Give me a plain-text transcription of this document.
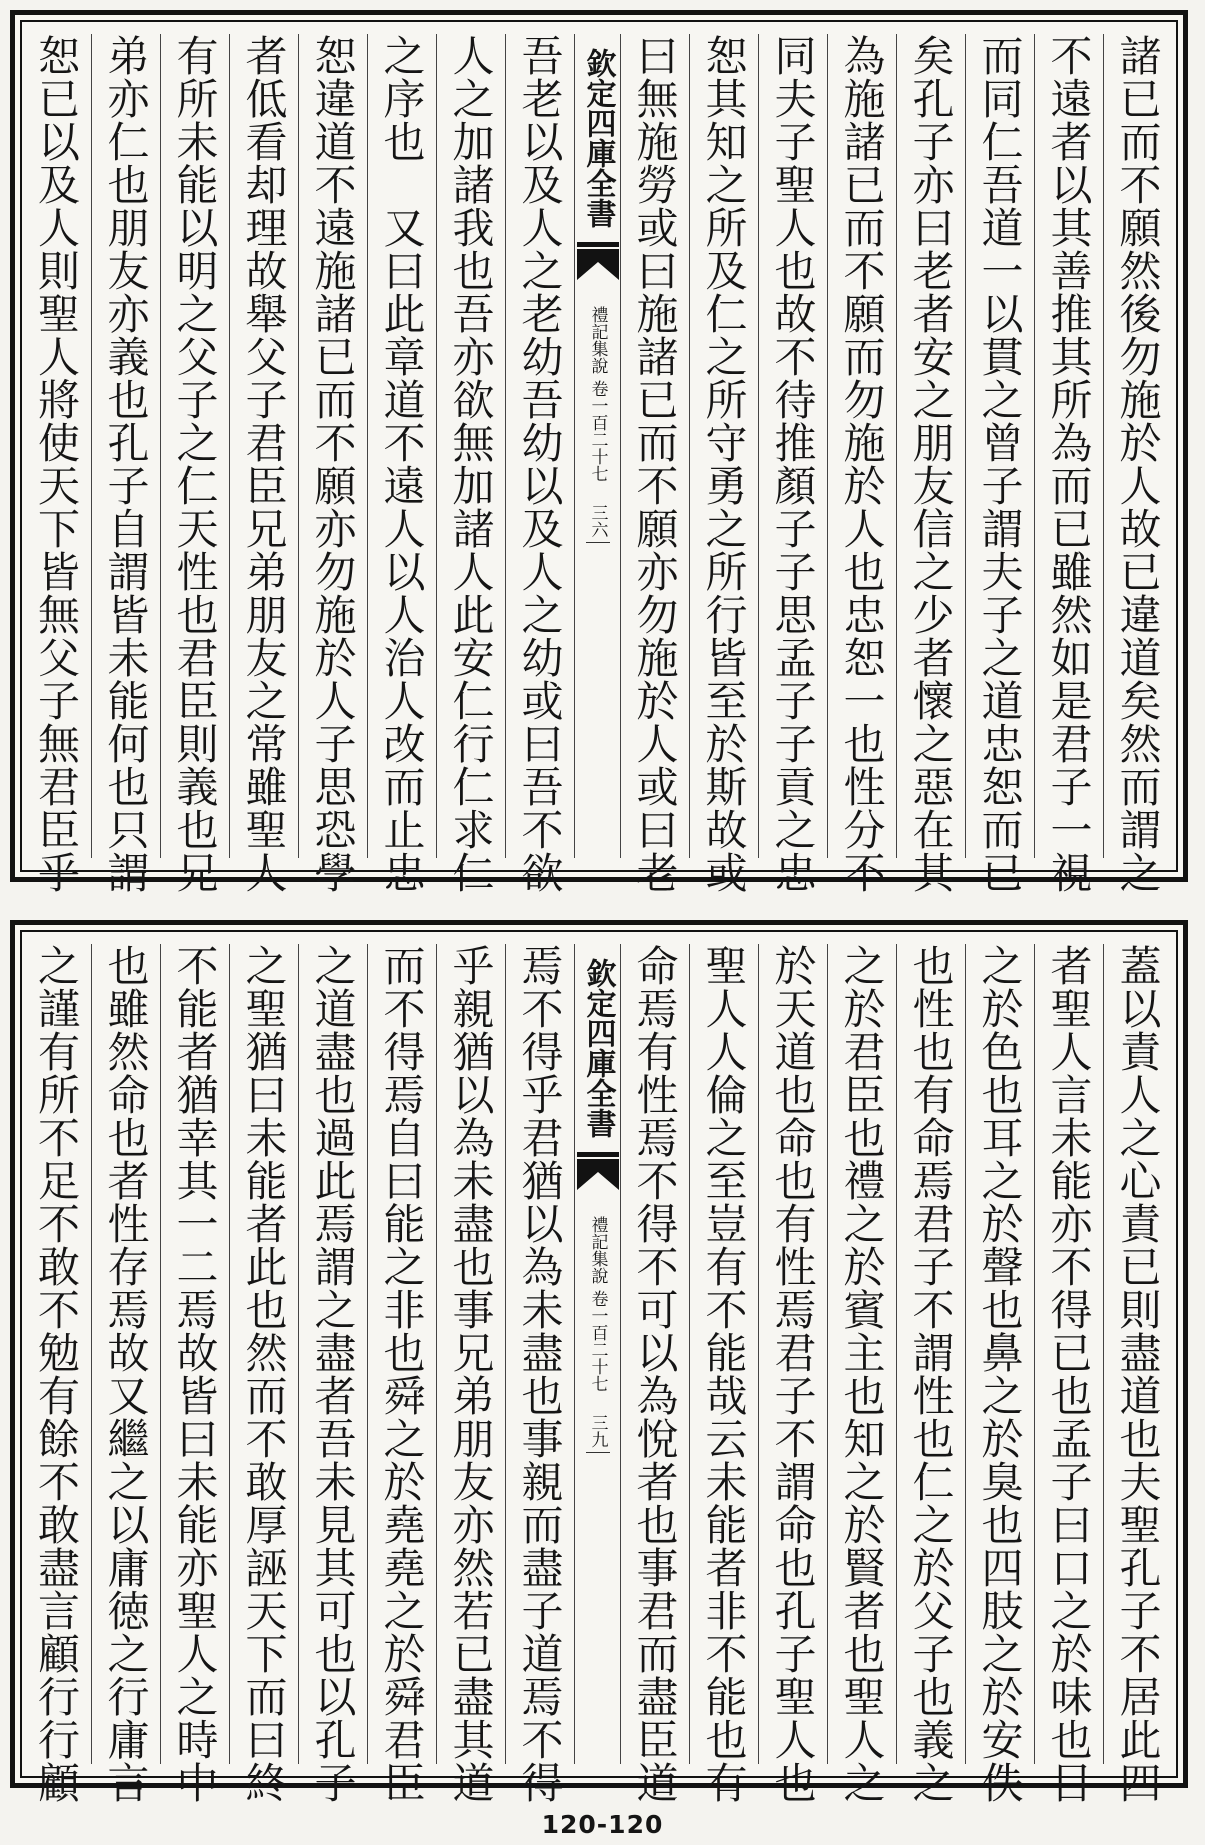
恕已以及人則聖人將使天下皆無父子無君臣乎 弟亦仁也朋友亦義也孔子自謂皆未能何也只謂 有所未能以明之父子之仁天性也君臣則義也兄 者低看却理故舉父子君臣兄弟朋友之常雖聖人 恕違道不遠施諸已而不願亦勿施於人子思恐學 之序也　又曰此章道不遠人以人治人改而止忠 人之加諸我也吾亦欲無加諸人此安仁行仁求仁 吾老以及人之老幼吾幼以及人之幼或曰吾不欲 欽定四庫全書
禮記集說
卷一百二十七
三六 曰無施勞或曰施諸已而不願亦勿施於人或曰老 恕其知之所及仁之所守勇之所行皆至於斯故或 同夫子聖人也故不待推顏子子思孟子子貢之忠 為施諸已而不願而勿施於人也忠恕一也性分不 矣孔子亦曰老者安之朋友信之少者懷之惡在其 而同仁吾道一以貫之曾子謂夫子之道忠恕而已 不遠者以其善推其所為而已雖然如是君子一視 諸已而不願然後勿施於人故已違道矣然而謂之
之謹有所不足不敢不勉有餘不敢盡言顧行行顧 也雖然命也者性存焉故又繼之以庸徳之行庸言 不能者猶幸其一二焉故皆曰未能亦聖人之時中 之聖猶曰未能者此也然而不敢厚誣天下而曰終 之道盡也過此焉謂之盡者吾未見其可也以孔子 而不得焉自曰能之非也舜之於堯堯之於舜君臣 乎親猶以為未盡也事兄弟朋友亦然若已盡其道 焉不得乎君猶以為未盡也事親而盡子道焉不得 欽定四庫全書
禮記集說
卷一百二十七
三九 命焉有性焉不得不可以為悅者也事君而盡臣道 聖人人倫之至豈有不能哉云未能者非不能也有 於天道也命也有性焉君子不謂命也孔子聖人也 之於君臣也禮之於賓主也知之於賢者也聖人之 也性也有命焉君子不謂性也仁之於父子也義之 之於色也耳之於聲也鼻之於臭也四肢之於安佚 者聖人言未能亦不得已也孟子曰口之於味也目 蓋以責人之心責已則盡道也夫聖孔子不居此四
120-120
